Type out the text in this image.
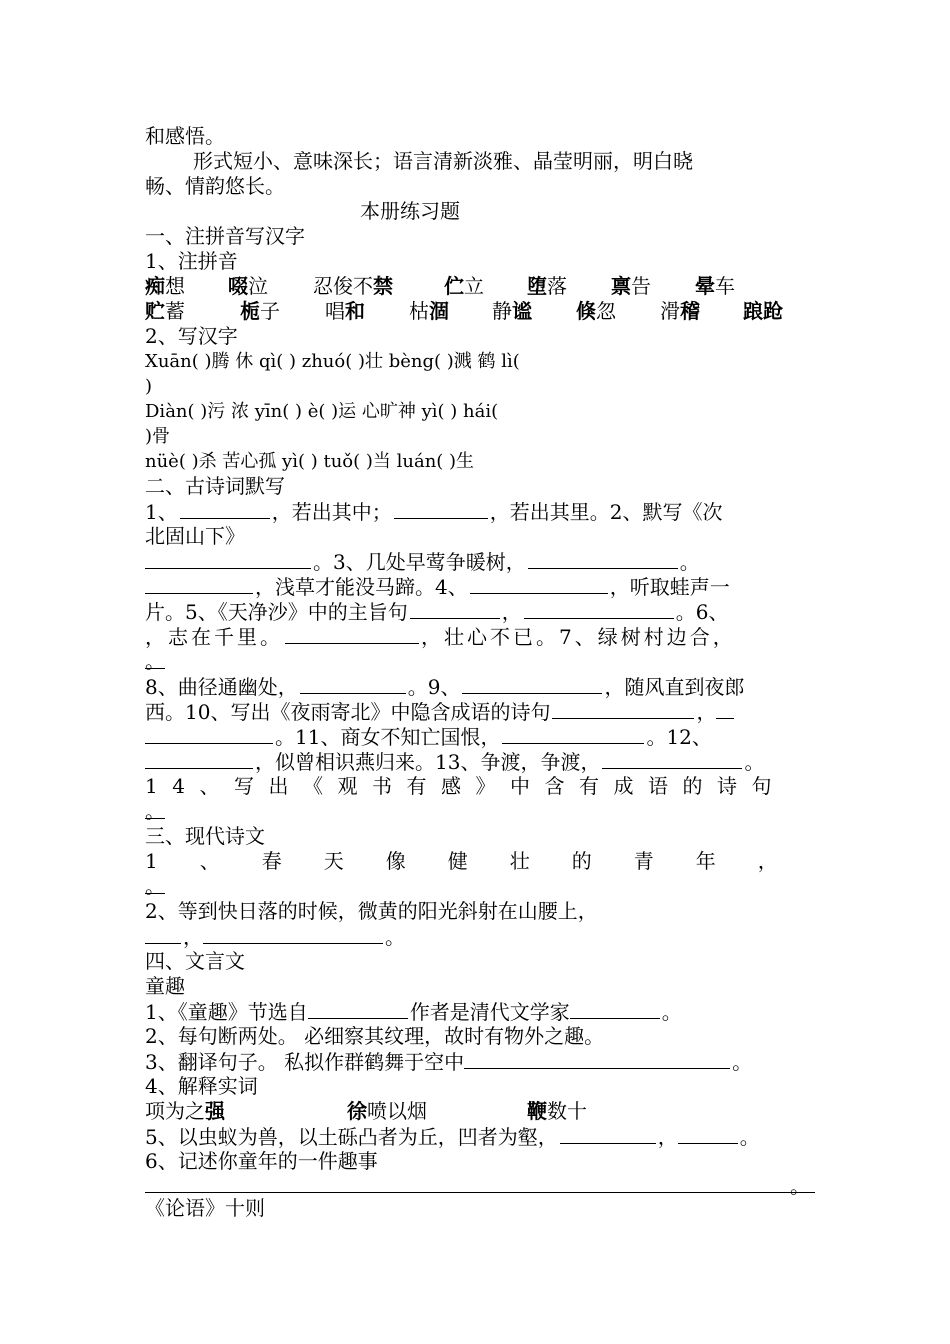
和感悟。
形式短小、意味深长；语言清新淡雅、晶莹明丽，明白晓
畅、情韵悠长。
本册练习题
一、注拼音写汉字
1、注拼音
痴想 啜泣 忍俊不禁	伫立 堕落 禀告 晕车
贮蓄	栀子 唱和 枯涸 静谧 倏忽 滑稽 踉跄
2、写汉字
Xuān( )腾 休 qì( ) zhuó( )壮 bèng( )溅 鹤 lì(
)
Diàn( )污 浓 yīn( ) è( )运 心旷神 yì( ) hái(
)骨
nüè( )杀 苦心孤 yì( ) tuǒ( )当 luán( )生
二、古诗词默写
1、	，若出其中；	，若出其里。2、默写《次
北固山下》
。3、几处早莺争暖树，	。
，浅草才能没马蹄。4、	，听取蛙声一
片。5、《天净沙》中的主旨句	，	。6、
，志在千里。	，壮心不已。7、绿树村边合，
。
8、曲径通幽处，	。9、	，随风直到夜郎
西。10、写出《夜雨寄北》中隐含成语的诗句	，
。11、商女不知亡国恨，	。12、
，似曾相识燕归来。13、争渡，争渡，	。
14、写出《观书有感》中含有成语的诗句
。
三、现代诗文
1、春天像健壮的青年，
。
2、等到快日落的时候，微黄的阳光斜射在山腰上，
，	。
四、文言文
童趣
1、《童趣》节选自	作者是清代文学家	。
2、每句断两处。 必细察其纹理，故时有物外之趣。
3、翻译句子。 私拟作群鹤舞于空中	。
4、解释实词
项为之强	徐喷以烟	鞭数十
5、以虫蚁为兽，以土砾凸者为丘，凹者为壑，	，	。
6、记述你童年的一件趣事
。
《论语》十则
